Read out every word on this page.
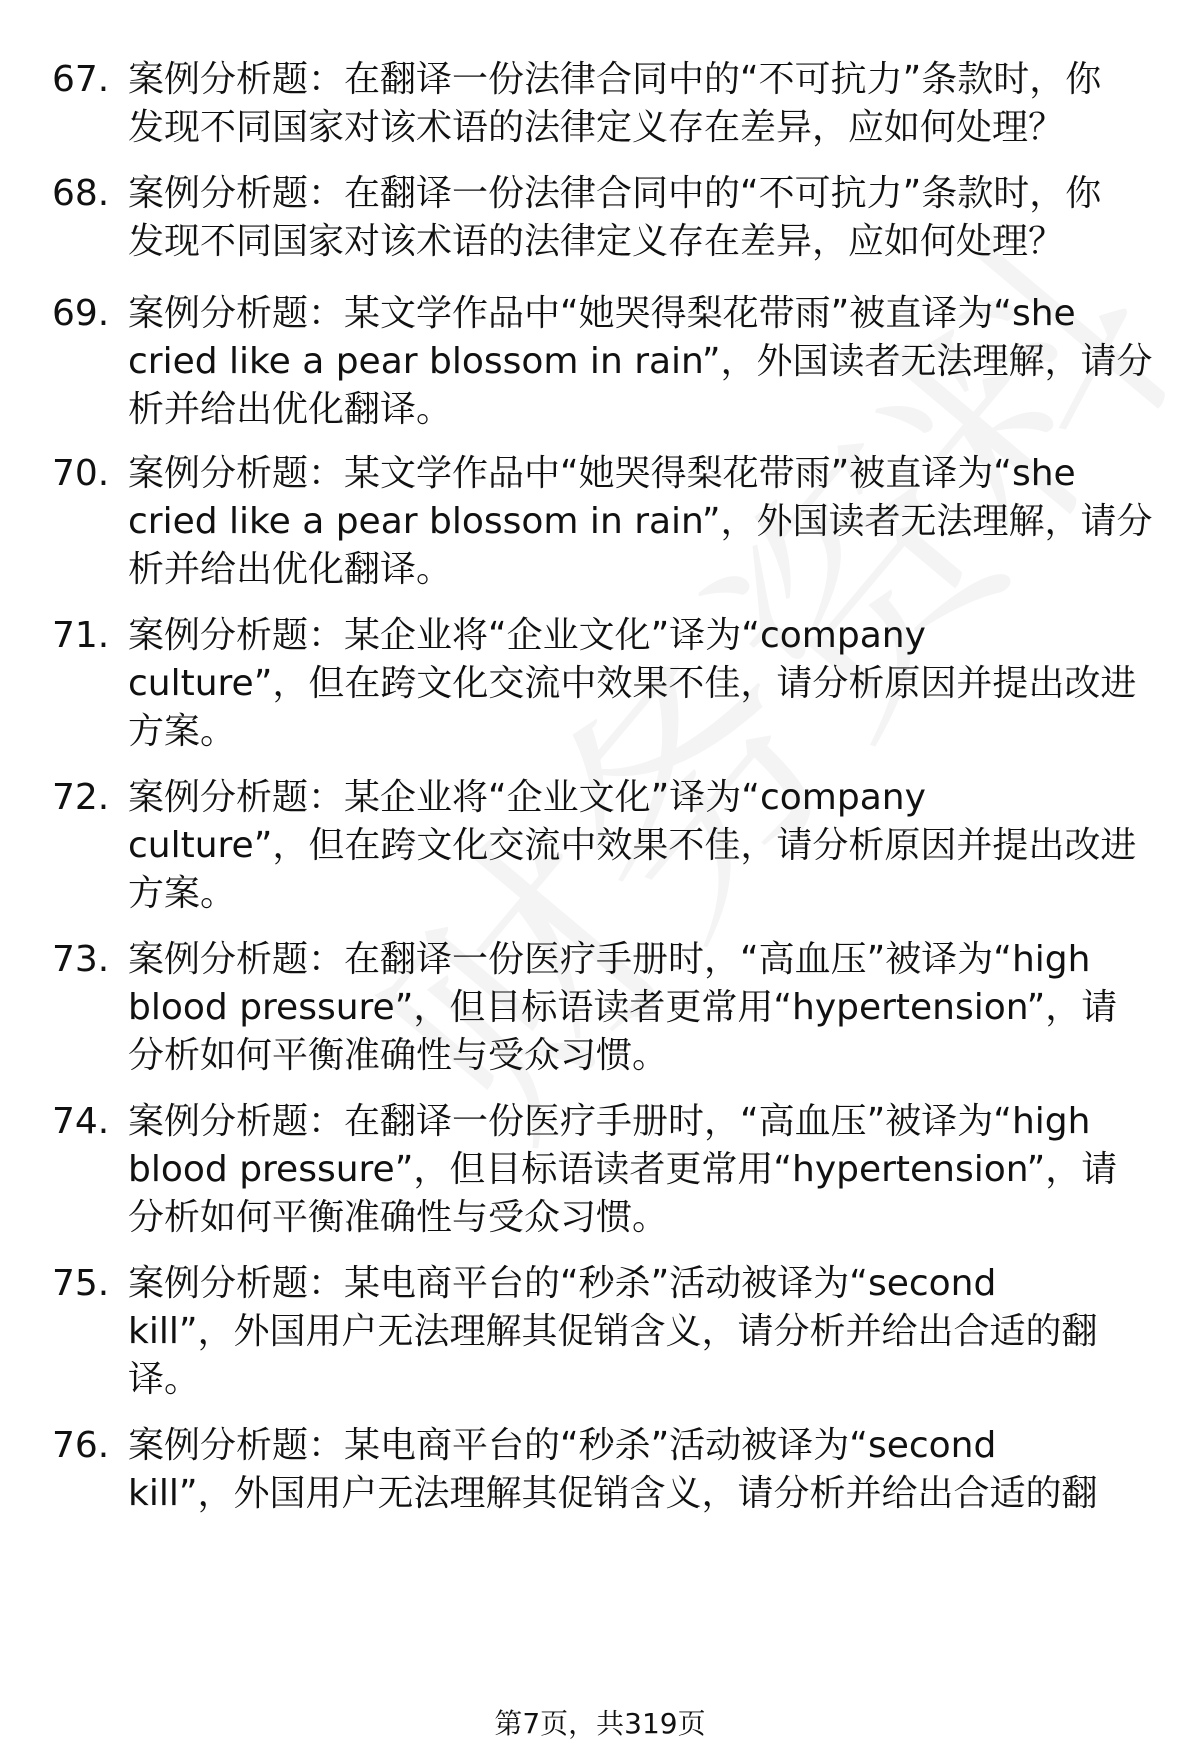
67. 案例分析题：在翻译一份法律合同中的“不可抗力”条款时，你
发现不同国家对该术语的法律定义存在差异，应如何处理？
68. 案例分析题：在翻译一份法律合同中的“不可抗力”条款时，你
发现不同国家对该术语的法律定义存在差异，应如何处理？
69. 案例分析题：某文学作品中“她哭得梨花带雨”被直译为“she
cried like a pear blossom in rain”，外国读者无法理解，请分
析并给出优化翻译。
70. 案例分析题：某文学作品中“她哭得梨花带雨”被直译为“she
cried like a pear blossom in rain”，外国读者无法理解，请分
析并给出优化翻译。
71. 案例分析题：某企业将“企业文化”译为“company
culture”，但在跨文化交流中效果不佳，请分析原因并提出改进
方案。
72. 案例分析题：某企业将“企业文化”译为“company
culture”，但在跨文化交流中效果不佳，请分析原因并提出改进
方案。
73. 案例分析题：在翻译一份医疗手册时，“高血压”被译为“high
blood pressure”，但目标语读者更常用“hypertension”，请
分析如何平衡准确性与受众习惯。
74. 案例分析题：在翻译一份医疗手册时，“高血压”被译为“high
blood pressure”，但目标语读者更常用“hypertension”，请
分析如何平衡准确性与受众习惯。
75. 案例分析题：某电商平台的“秒杀”活动被译为“second
kill”，外国用户无法理解其促销含义，请分析并给出合适的翻
译。
76. 案例分析题：某电商平台的“秒杀”活动被译为“second
kill”，外国用户无法理解其促销含义，请分析并给出合适的翻
第7页，共319页
